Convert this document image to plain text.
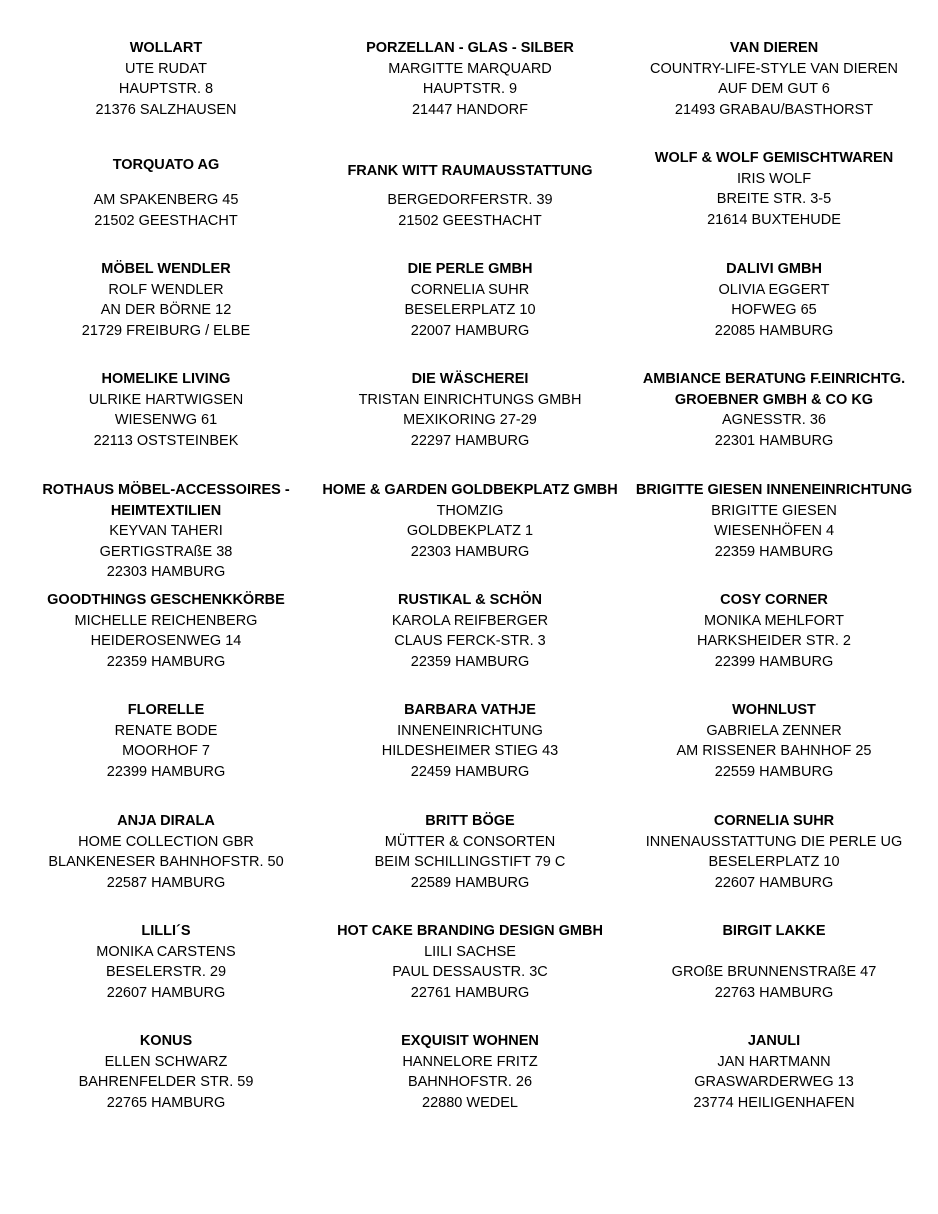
WOLLART
UTE RUDAT
HAUPTSTR. 8
21376 SALZHAUSEN
PORZELLAN - GLAS - SILBER
MARGITTE MARQUARD
HAUPTSTR. 9
21447 HANDORF
VAN DIEREN
COUNTRY-LIFE-STYLE VAN DIEREN
AUF DEM GUT 6
21493 GRABAU/BASTHORST
TORQUATO AG
AM SPAKENBERG 45
21502 GEESTHACHT
FRANK WITT RAUMAUSSTATTUNG
BERGEDORFERSTR. 39
21502 GEESTHACHT
WOLF & WOLF GEMISCHTWAREN
IRIS WOLF
BREITE STR. 3-5
21614 BUXTEHUDE
MÖBEL WENDLER
ROLF WENDLER
AN DER BÖRNE 12
21729 FREIBURG / ELBE
DIE PERLE GMBH
CORNELIA SUHR
BESELERPLATZ 10
22007 HAMBURG
DALIVI GMBH
OLIVIA EGGERT
HOFWEG 65
22085 HAMBURG
HOMELIKE LIVING
ULRIKE HARTWIGSEN
WIESENWG 61
22113 OSTSTEINBEK
DIE WÄSCHEREI
TRISTAN EINRICHTUNGS GMBH
MEXIKORING 27-29
22297 HAMBURG
AMBIANCE BERATUNG F.EINRICHTG.
GROEBNER GMBH & CO KG
AGNESSTR. 36
22301 HAMBURG
ROTHAUS MÖBEL-ACCESSOIRES -
HEIMTEXTILIEN
KEYVAN TAHERI
GERTIGSTRAßE 38
22303 HAMBURG
HOME & GARDEN GOLDBEKPLATZ GMBH
THOMZIG
GOLDBEKPLATZ 1
22303 HAMBURG
BRIGITTE GIESEN INNENEINRICHTUNG
BRIGITTE GIESEN
WIESENHÖFEN 4
22359 HAMBURG
GOODTHINGS GESCHENKKÖRBE
MICHELLE REICHENBERG
HEIDEROSENWEG 14
22359 HAMBURG
RUSTIKAL & SCHÖN
KAROLA REIFBERGER
CLAUS FERCK-STR. 3
22359 HAMBURG
COSY CORNER
MONIKA MEHLFORT
HARKSHEIDER STR. 2
22399 HAMBURG
FLORELLE
RENATE BODE
MOORHOF 7
22399 HAMBURG
BARBARA VATHJE
INNENEINRICHTUNG
HILDESHEIMER STIEG 43
22459 HAMBURG
WOHNLUST
GABRIELA ZENNER
AM RISSENER BAHNHOF 25
22559 HAMBURG
ANJA DIRALA
HOME COLLECTION GBR
BLANKENESER BAHNHOFSTR. 50
22587 HAMBURG
BRITT BÖGE
MÜTTER & CONSORTEN
BEIM SCHILLINGSTIFT 79 C
22589 HAMBURG
CORNELIA SUHR
INNENAUSSTATTUNG DIE PERLE UG
BESELERPLATZ 10
22607 HAMBURG
LILLI´S
MONIKA CARSTENS
BESELERSTR. 29
22607 HAMBURG
HOT CAKE BRANDING DESIGN GMBH
LIILI SACHSE
PAUL DESSAUSTR. 3C
22761 HAMBURG
BIRGIT LAKKE
GROßE BRUNNENSTRAßE 47
22763 HAMBURG
KONUS
ELLEN SCHWARZ
BAHRENFELDER STR. 59
22765 HAMBURG
EXQUISIT WOHNEN
HANNELORE FRITZ
BAHNHOFSTR. 26
22880 WEDEL
JANULI
JAN HARTMANN
GRASWARDERWEG 13
23774 HEILIGENHAFEN
